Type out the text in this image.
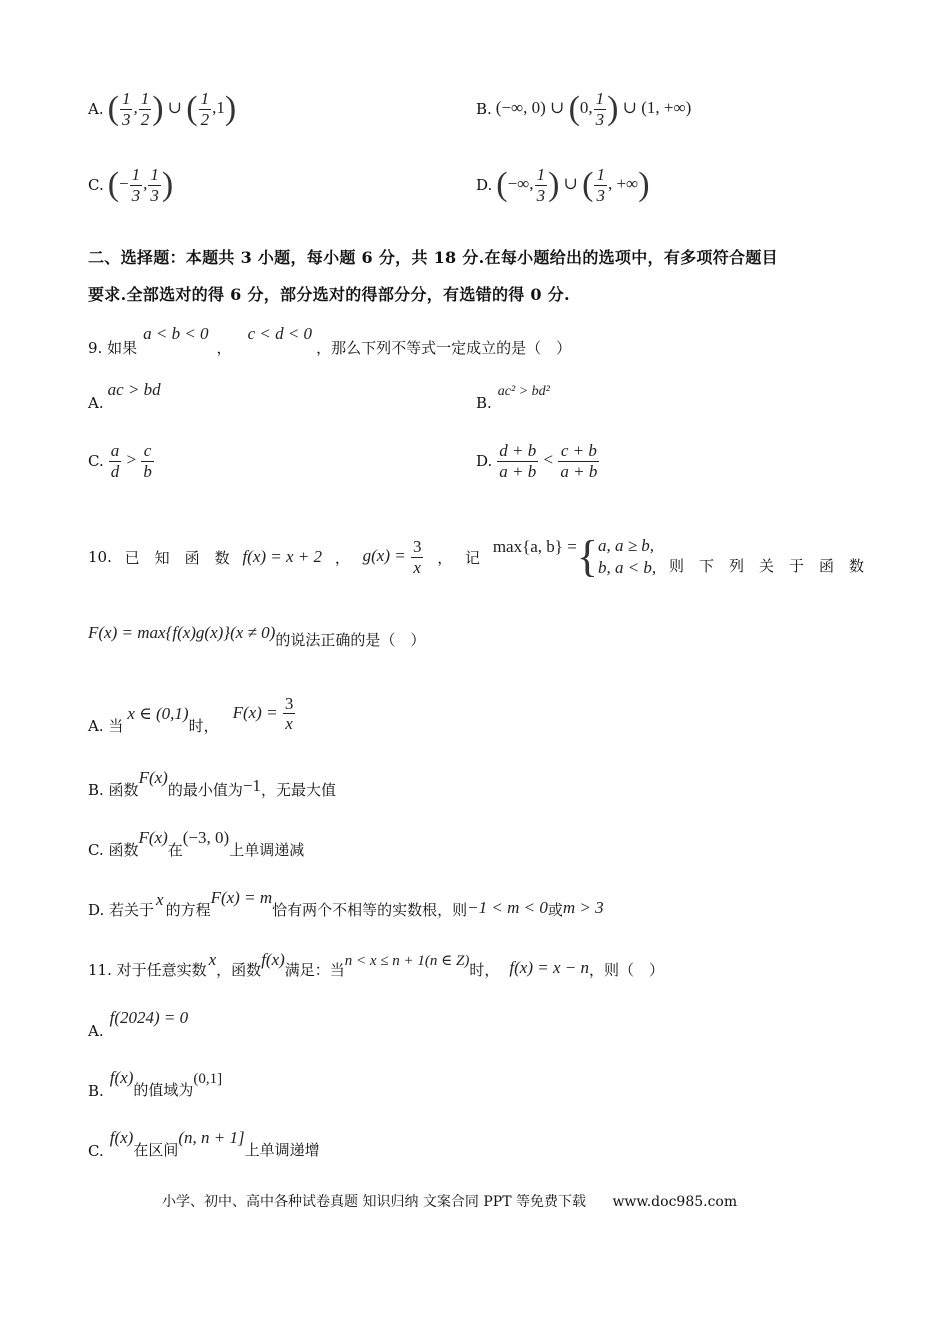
A. ( $\frac{1}{3}$ , $\frac{1}{2}$ ) ∪ ( $\frac{1}{2} ,1$)	B. (−∞, 0) ∪ (0, $\frac{1}{3}$ ) ∪ (1, +∞)
C. (− $\frac{1}{3}$ , $\frac{1}{3}$ )	D. (−∞, $\frac{1}{3}$ ) ∪ ( $\frac{1}{3}$ , +∞)
二、选择题：本题共 3 小题，每小题 6 分，共 18 分.在每小题给出的选项中，有多项符合题目
要求.全部选对的得 6 分，部分选对的得部分分，有选错的得 0 分.
9. 如果
a < b < 0
，
c < d < 0
，那么下列不等式一定成立的是（　）
A.
ac > bd
B.
ac² > bd²
C. $\frac{a}{d} > \frac{c}{b}$	D. $\frac{d + b}{a + b} < \frac{c + b}{a + b}$
10. 已　知　函　数 f(x) = x + 2 ， $g(x) = \frac{3}{x}$ ， 记
max{a, b} = { a, a ≥ b,
b, a < b, 则　下　列　关　于　函　数
F(x) = max{f(x)g(x)}(x ≠ 0) 的说法正确的是（　）
A. 当
x ∈ (0,1)
时，
$F(x) = \frac{3}{x}$
B. 函数
F(x)
的最小值为 −1 ，无最大值
C. 函数
F(x)
在
(−3, 0)
上单调递减
D. 若关于
x
的方程
F(x) = m
恰有两个不相等的实数根，则 −1 < m < 0 或 m > 3
11. 对于任意实数
x
，函数
f(x)
满足：当 n < x ≤ n + 1(n ∈ Z) 时， f(x) = x − n ，则（　）
A.
f(2024) = 0
B.
f(x)
的值域为
(0,1]
C.
f(x)
在区间
(n, n + 1]
上单调递增
小学、初中、高中各种试卷真题 知识归纳 文案合同 PPT 等免费下载 www.doc985.com
